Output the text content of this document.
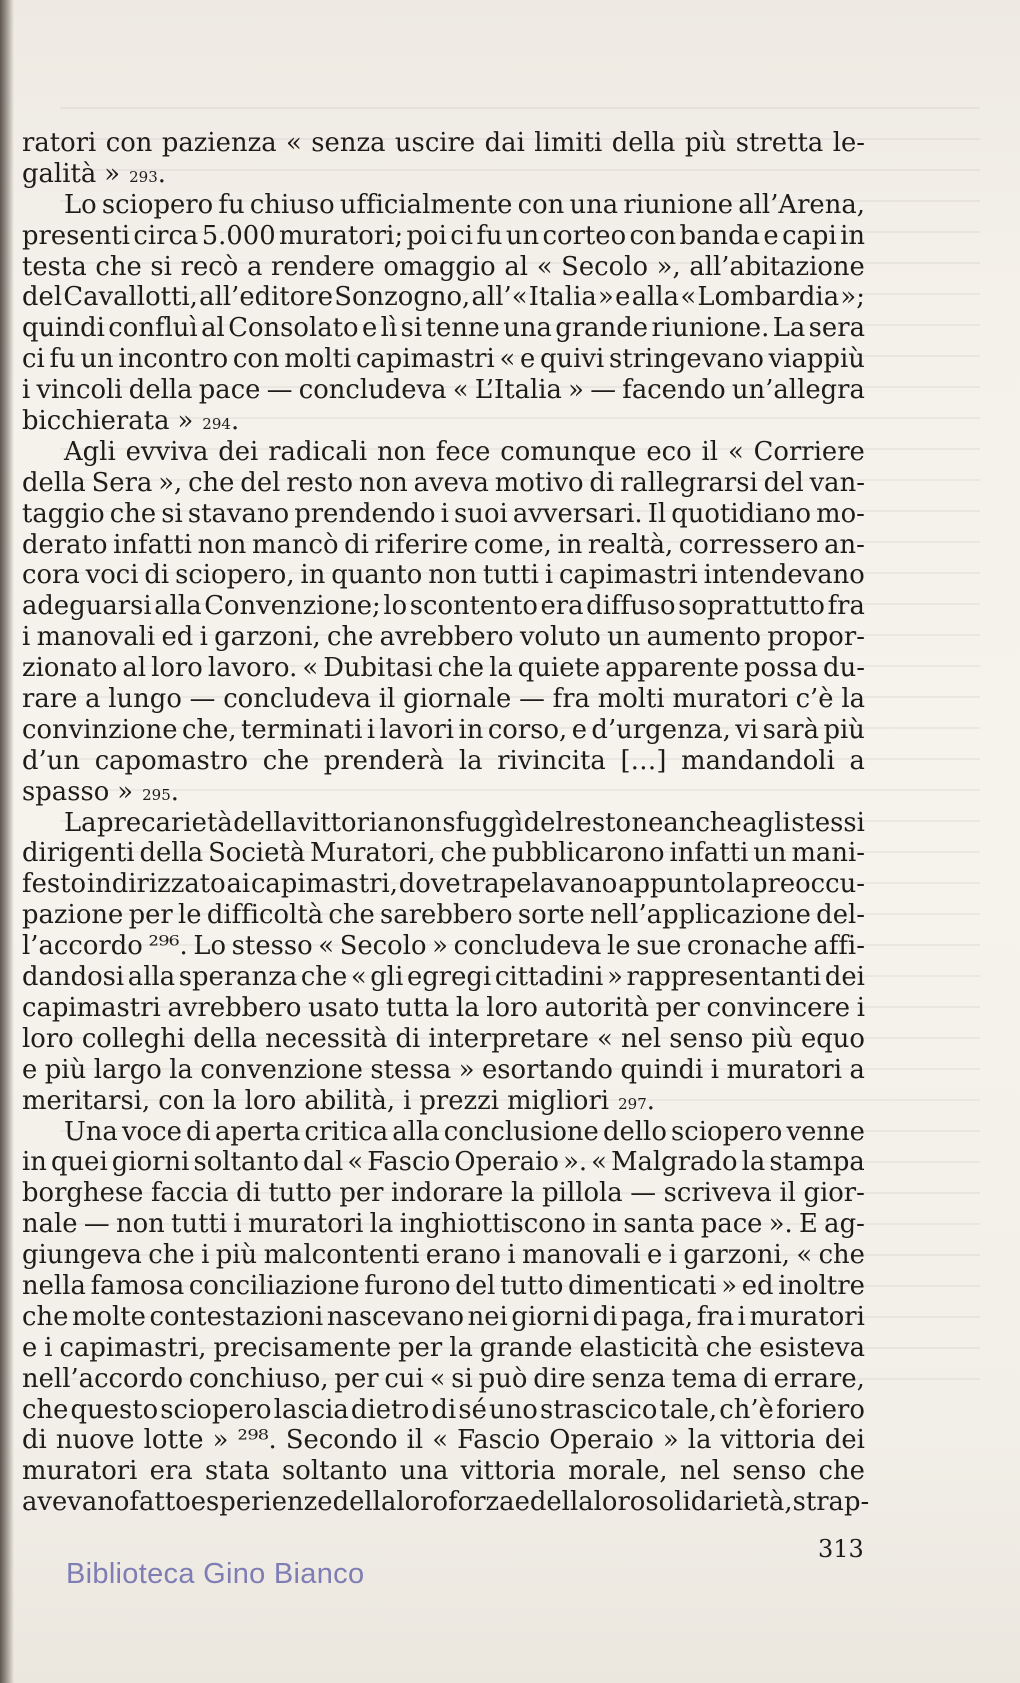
ratori con pazienza « senza uscire dai limiti della più stretta le-
galità » 293 .
Lo sciopero fu chiuso ufficialmente con una riunione all’Arena,
presenti circa 5.000 muratori; poi ci fu un corteo con banda e capi in
testa che si recò a rendere omaggio al « Secolo », all’abitazione
del Cavallotti, all’editore Sonzogno, all’« Italia » e alla « Lombardia »;
quindi confluì al Consolato e lì si tenne una grande riunione. La sera
ci fu un incontro con molti capimastri « e quivi stringevano viappiù
i vincoli della pace — concludeva « L’Italia » — facendo un’allegra
bicchierata » 294 .
Agli evviva dei radicali non fece comunque eco il « Corriere
della Sera », che del resto non aveva motivo di rallegrarsi del van-
taggio che si stavano prendendo i suoi avversari. Il quotidiano mo-
derato infatti non mancò di riferire come, in realtà, corressero an-
cora voci di sciopero, in quanto non tutti i capimastri intendevano
adeguarsi alla Convenzione; lo scontento era diffuso soprattutto fra
i manovali ed i garzoni, che avrebbero voluto un aumento propor-
zionato al loro lavoro. « Dubitasi che la quiete apparente possa du-
rare a lungo — concludeva il giornale — fra molti muratori c’è la
convinzione che, terminati i lavori in corso, e d’urgenza, vi sarà più
d’un capomastro che prenderà la rivincita […] mandandoli a
spasso » 295 .
La precarietà della vittoria non sfuggì del resto neanche agli stessi
dirigenti della Società Muratori, che pubblicarono infatti un mani-
festo indirizzato ai capimastri, dove trapelavano appunto la preoccu-
pazione per le difficoltà che sarebbero sorte nell’applicazione del-
l’accordo ²⁹⁶. Lo stesso « Secolo » concludeva le sue cronache affi-
dandosi alla speranza che « gli egregi cittadini » rappresentanti dei
capimastri avrebbero usato tutta la loro autorità per convincere i
loro colleghi della necessità di interpretare « nel senso più equo
e più largo la convenzione stessa » esortando quindi i muratori a
meritarsi, con la loro abilità, i prezzi migliori 297 .
Una voce di aperta critica alla conclusione dello sciopero venne
in quei giorni soltanto dal « Fascio Operaio ». « Malgrado la stampa
borghese faccia di tutto per indorare la pillola — scriveva il gior-
nale — non tutti i muratori la inghiottiscono in santa pace ». E ag-
giungeva che i più malcontenti erano i manovali e i garzoni, « che
nella famosa conciliazione furono del tutto dimenticati » ed inoltre
che molte contestazioni nascevano nei giorni di paga, fra i muratori
e i capimastri, precisamente per la grande elasticità che esisteva
nell’accordo conchiuso, per cui « si può dire senza tema di errare,
che questo sciopero lascia dietro di sé uno strascico tale, ch’è foriero
di nuove lotte » ²⁹⁸. Secondo il « Fascio Operaio » la vittoria dei
muratori era stata soltanto una vittoria morale, nel senso che
avevano fatto esperienze della loro forza e della loro solidarietà, strap-
313
Biblioteca Gino Bianco
